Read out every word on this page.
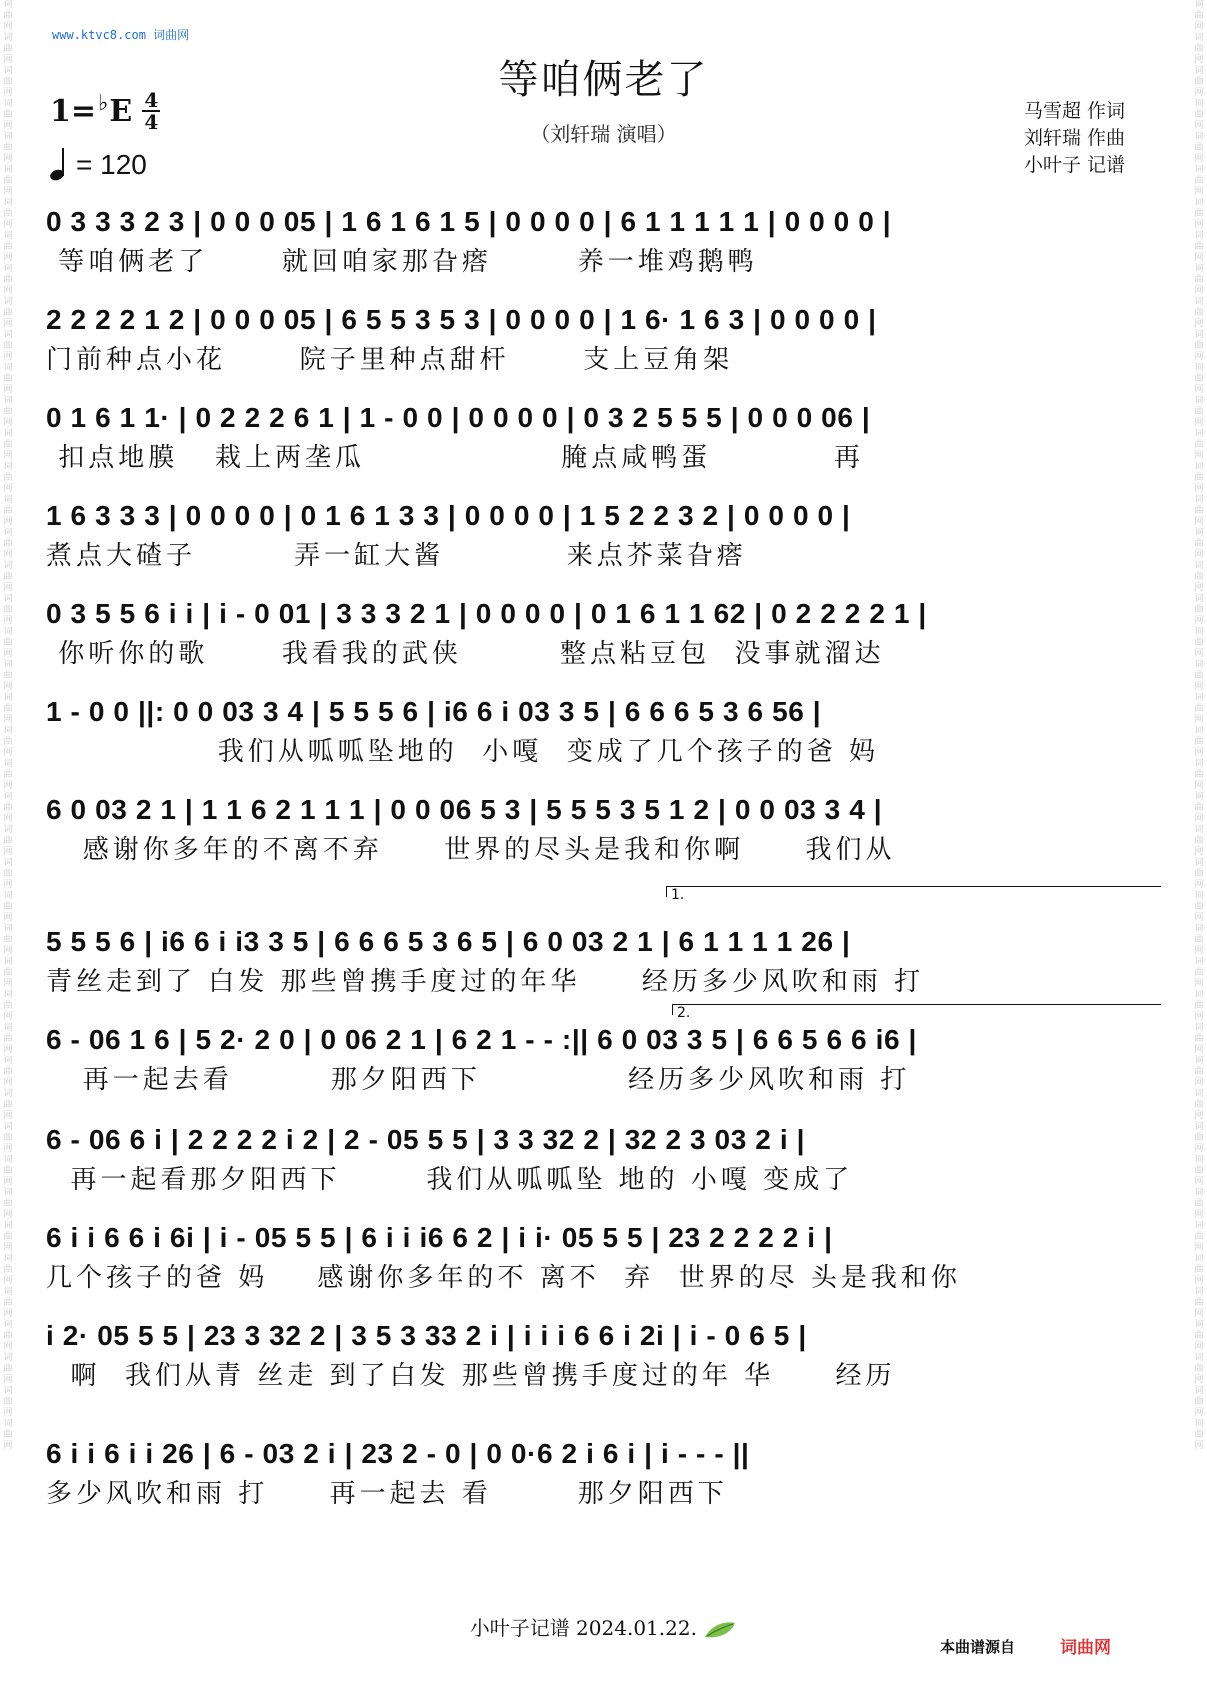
词
曲
网
词
曲
网
词
曲
网
词
曲
网
词
曲
网
词
曲
网
词
曲
网
词
曲
网
词
曲
网
词
曲
网
词
曲
网
词
曲
网
词
曲
网
词
曲
网
词
曲
网
词
曲
网
词
曲
网
词
曲
网
词
曲
网
词
曲
网
词
曲
网
词
曲
网
词
曲
网
词
曲
网
词
曲
网
词
曲
网
词
曲
网
词
曲
网
词
曲
网
词
曲
网
词
曲
网
词
曲
网
词
曲
网
词
曲
网
词
曲
网
词
曲
网
词
曲
网
词
曲
网
词
曲
网
词
曲
网
词
曲
网
词
曲
网
词
曲
网
词
曲
网
词
曲
网
词
曲
网
词
曲
网
词
曲
网
词
曲
网
词
曲
网
词
曲
网
词
曲
网
词
曲
网
词
曲
网
词
曲
网
词
曲
网
词
曲
网
词
曲
网
词
曲
网
词
曲
网
词
曲
网
词
曲
网
词
曲
网
词
曲
网
词
曲
网
词
曲
网
词
曲
网
词
曲
网
词
曲
网
词
曲
网
词
曲
网
词
曲
网
词
曲
网
词
曲
网
词
曲
网
词
曲
网
词
曲
网
词
曲
网
词
曲
网
词
曲
网
词
曲
网
词
曲
网
词
曲
网
词
曲
网
词
曲
网
词
曲
网
词
曲
网
词
曲
网
www.ktvc8.com 词曲网
等咱俩老了
（刘轩瑞 演唱）
1= ♭ E 4
4
= 120
马雪超 作词
刘轩瑞 作曲
小叶子 记谱
0 3 3 3 2 3 | 0 0 0 05 | 1 6 1 6 1 5 | 0 0 0 0 | 6 1 1 1 1 1 | 0 0 0 0 |
等咱俩老了      就回咱家那旮瘩       养一堆鸡鹅鸭
2 2 2 2 1 2 | 0 0 0 05 | 6 5 5 3 5 3 | 0 0 0 0 | 1 6· 1 6 3 | 0 0 0 0 |
门前种点小花      院子里种点甜杆      支上豆角架
0 1 6 1 1· | 0 2 2 2 6 1 | 1 - 0 0 | 0 0 0 0 | 0 3 2 5 5 5 | 0 0 0 06 |
扣点地膜   栽上两垄瓜                腌点咸鸭蛋          再
1 6 3 3 3 | 0 0 0 0 | 0 1 6 1 3 3 | 0 0 0 0 | 1 5 2 2 3 2 | 0 0 0 0 |
煮点大碴子        弄一缸大酱          来点芥菜旮瘩
0 3 5 5 6 i i | i - 0 01 | 3 3 3 2 1 | 0 0 0 0 | 0 1 6 1 1 62 | 0 2 2 2 2 1 |
你听你的歌      我看我的武侠        整点粘豆包  没事就溜达
1 - 0 0 ||: 0 0 03 3 4 | 5 5 5 6 | i6 6 i 03 3 5 | 6 6 6 5 3 6 56 |
我们从呱呱坠地的  小嘎  变成了几个孩子的爸 妈
6 0 03 2 1 | 1 1 6 2 1 1 1 | 0 0 06 5 3 | 5 5 5 3 5 1 2 | 0 0 03 3 4 |
感谢你多年的不离不弃     世界的尽头是我和你啊     我们从
1.
5 5 5 6 | i6 6 i i3 3 5 | 6 6 6 5 3 6 5 | 6 0 03 2 1 | 6 1 1 1 1 26 |
青丝走到了 白发 那些曾携手度过的年华     经历多少风吹和雨 打
2.
6 - 06 1 6 | 5 2· 2 0 | 0 06 2 1 | 6 2 1 - - :|| 6 0 03 3 5 | 6 6 5 6 6 i6 |
再一起去看        那夕阳西下            经历多少风吹和雨 打
6 - 06 6 i | 2 2 2 2 i 2 | 2 - 05 5 5 | 3 3 32 2 | 32 2 3 03 2 i |
再一起看那夕阳西下       我们从呱呱坠 地的 小嘎 变成了
6 i i 6 6 i 6i | i - 05 5 5 | 6 i i i6 6 2 | i i· 05 5 5 | 23 2 2 2 2 i |
几个孩子的爸 妈    感谢你多年的不 离不  弃  世界的尽 头是我和你
i 2· 05 5 5 | 23 3 32 2 | 3 5 3 33 2 i | i i i 6 6 i 2i | i - 0 6 5 |
啊  我们从青 丝走 到了白发 那些曾携手度过的年 华     经历
6 i i 6 i i 26 | 6 - 03 2 i | 23 2 - 0 | 0 0·6 2 i 6 i | i - - - ||
多少风吹和雨 打     再一起去 看       那夕阳西下
小叶子记谱 2024.01.22.
本曲谱源自	词曲网
